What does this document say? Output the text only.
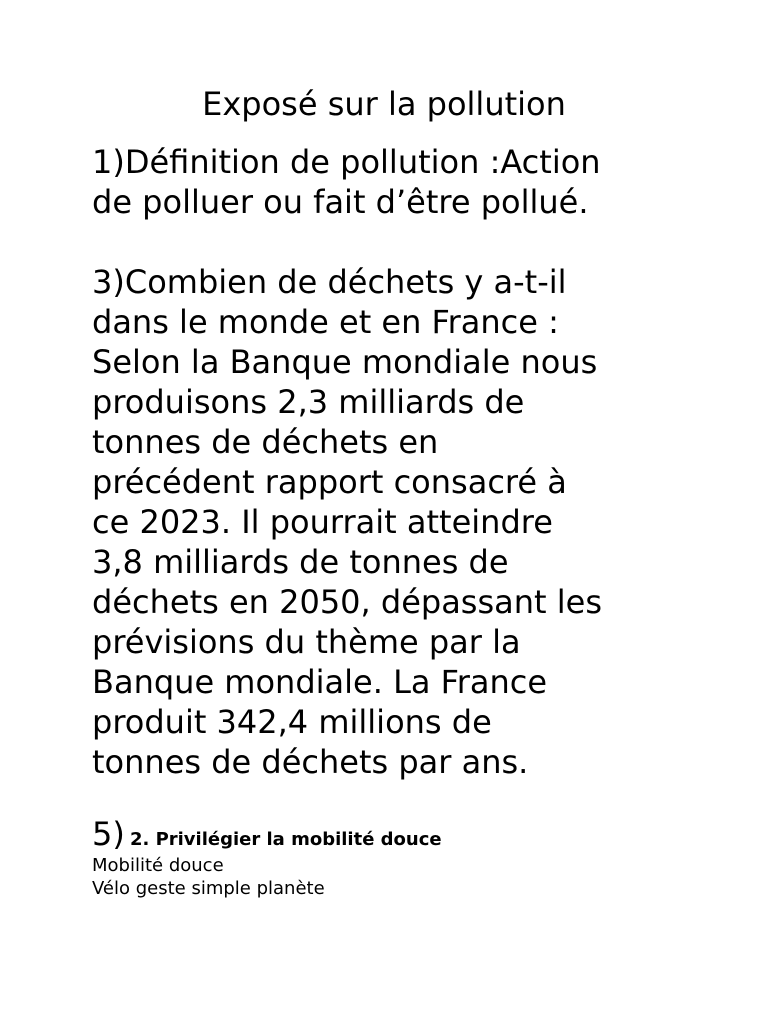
Exposé sur la pollution
1)Définition de pollution :Action
de polluer ou fait d’être pollué.
3)Combien de déchets y a-t-il
dans le monde et en France :
Selon la Banque mondiale nous
produisons 2,3 milliards de
tonnes de déchets en
précédent rapport consacré à
ce 2023. Il pourrait atteindre
3,8 milliards de tonnes de
déchets en 2050, dépassant les
prévisions du thème par la
Banque mondiale. La France
produit 342,4 millions de
tonnes de déchets par ans.
5) 2. Privilégier la mobilité douce
Mobilité douce
Vélo geste simple planète
